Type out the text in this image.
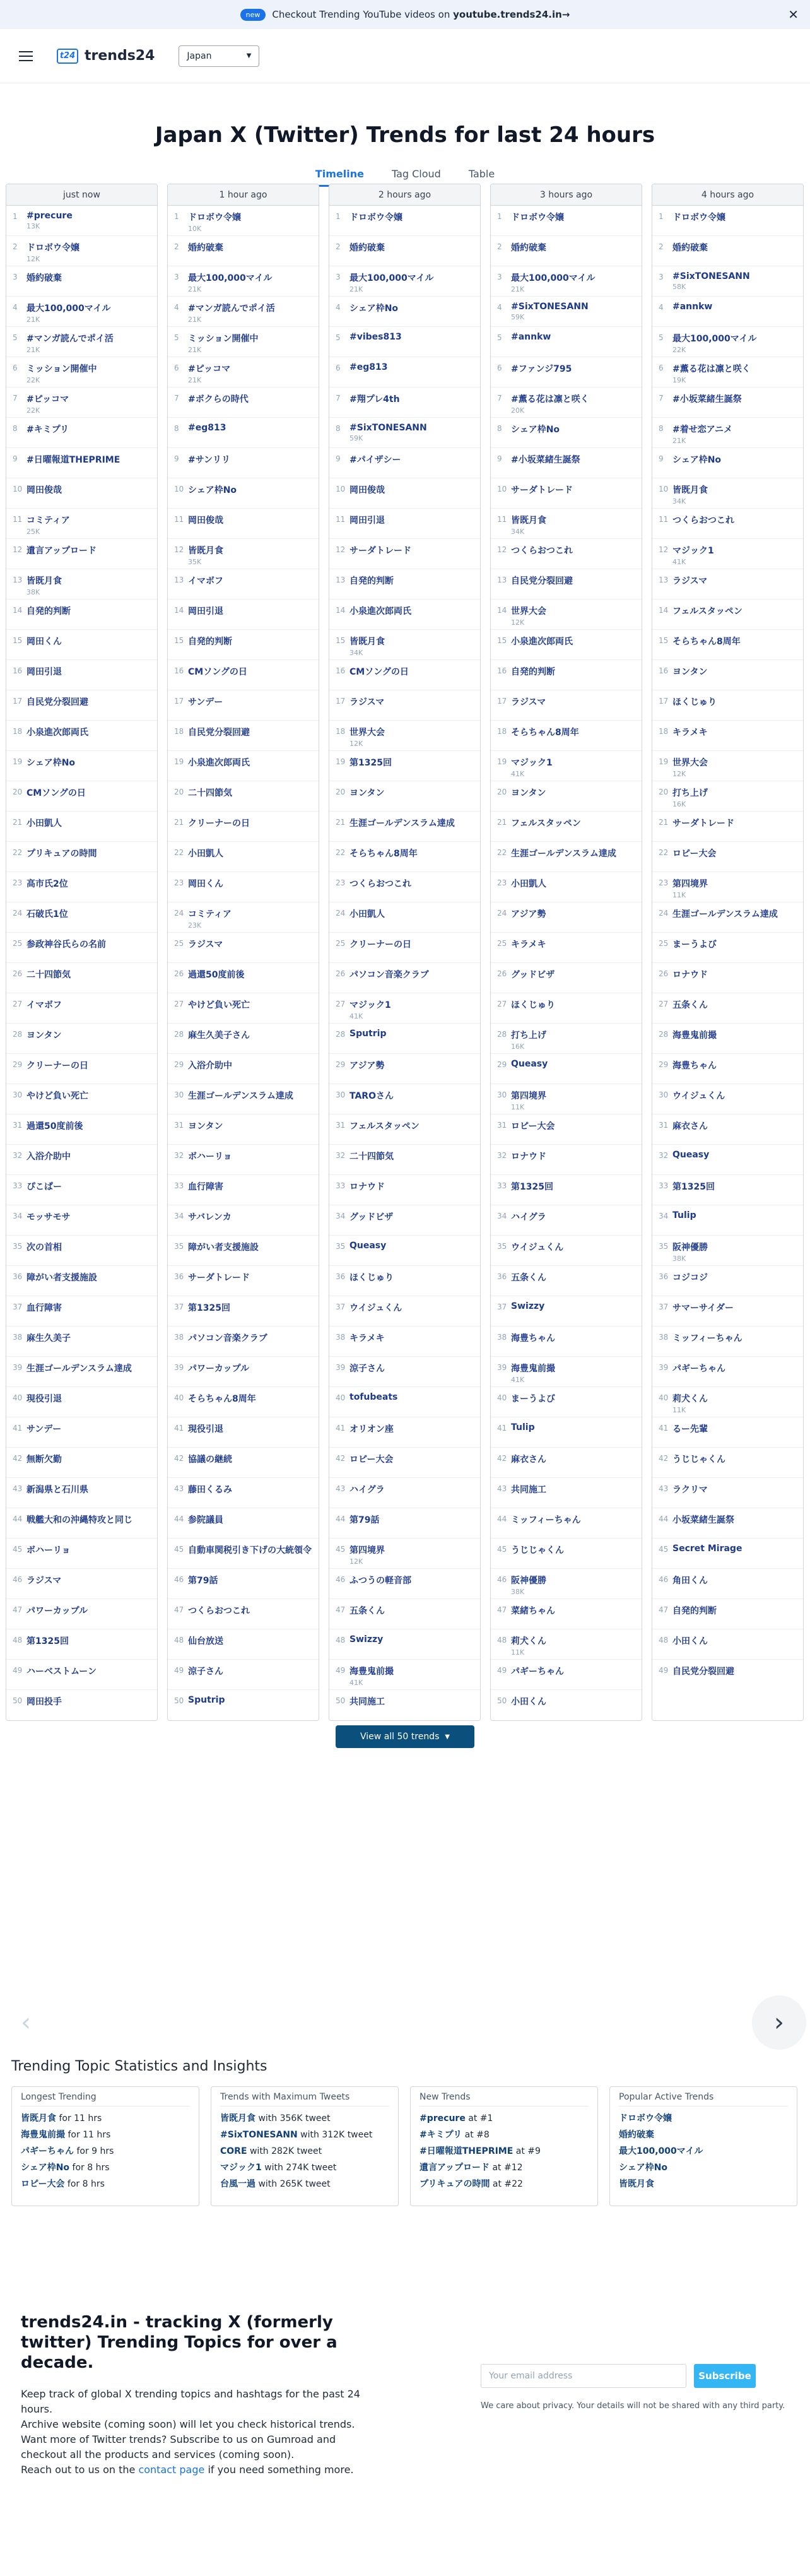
new	Checkout Trending YouTube videos on
youtube.trends24.in→	✕
t24 trends24	Japan	▼
Japan X (Twitter) Trends for last 24 hours
Timeline	Tag Cloud	Table
just now
1	#precure
13K
2	ドロボウ令嬢
12K
3	婚約破棄
4	最大100,000マイル
21K
5	#マンガ読んでポイ活
21K
6	ミッション開催中
22K
7	#ピッコマ
22K
8	#キミプリ
9	#日曜報道THEPRIME
10 岡田俊哉
11 コミティア
25K
12 遺言アップロード
13 皆既月食
38K
14 自発的判断
15 岡田くん
16 岡田引退
17 自民党分裂回避
18 小泉進次郎両氏
19 シェア枠No
20 CMソングの日
21 小田凱人
22 プリキュアの時間
23 高市氏2位
24 石破氏1位
25 参政神谷氏らの名前
26 二十四節気
27 イマボフ
28 ヨンタン
29 クリーナーの日
30 やけど負い死亡
31 過還50度前後
32 入浴介助中
33 ぴこぱー
34 モッサモサ
35 次の首相
36 障がい者支援施設
37 血行障害
38 麻生久美子
39 生涯ゴールデンスラム達成
40 現役引退
41 サンデー
42 無断欠勤
43 新潟県と石川県
44 戦艦大和の沖縄特攻と同じ
45 ボハーリョ
46 ラジスマ
47 パワーカップル
48 第1325回
49 ハーベストムーン
50 岡田投手
1 hour ago
1	ドロボウ令嬢
10K
2	婚約破棄
3	最大100,000マイル
21K
4	#マンガ読んでポイ活
21K
5	ミッション開催中
21K
6	#ピッコマ
21K
7	#ボクらの時代
8	#eg813
9	#サンリリ
10 シェア枠No
11 岡田俊哉
12 皆既月食
35K
13 イマボフ
14 岡田引退
15 自発的判断
16 CMソングの日
17 サンデー
18 自民党分裂回避
19 小泉進次郎両氏
20 二十四節気
21 クリーナーの日
22 小田凱人
23 岡田くん
24 コミティア
23K
25 ラジスマ
26 過還50度前後
27 やけど負い死亡
28 麻生久美子さん
29 入浴介助中
30 生涯ゴールデンスラム達成
31 ヨンタン
32 ボハーリョ
33 血行障害
34 サバレンカ
35 障がい者支援施設
36 サーダトレード
37 第1325回
38 パソコン音楽クラブ
39 パワーカップル
40 そらちゃん8周年
41 現役引退
42 協議の継続
43 藤田くるみ
44 参院議員
45 自動車関税引き下げの大統領令
46 第79話
47 つくらおつこれ
48 仙台放送
49 涼子さん
50 Sputrip
2 hours ago
1	ドロボウ令嬢
2	婚約破棄
3	最大100,000マイル
21K
4	シェア枠No
5	#vibes813
6	#eg813
7	#翔プレ4th
8	#SixTONESANN
59K
9	#パイザシー
10 岡田俊哉
11 岡田引退
12 サーダトレード
13 自発的判断
14 小泉進次郎両氏
15 皆既月食
34K
16 CMソングの日
17 ラジスマ
18 世界大会
12K
19 第1325回
20 ヨンタン
21 生涯ゴールデンスラム達成
22 そらちゃん8周年
23 つくらおつこれ
24 小田凱人
25 クリーナーの日
26 パソコン音楽クラブ
27 マジック1
41K
28 Sputrip
29 アジア勢
30 TAROさん
31 フェルスタッペン
32 二十四節気
33 ロナウド
34 グッドビザ
35 Queasy
36 ほくじゅり
37 ウイジュくん
38 キラメキ
39 涼子さん
40 tofubeats
41 オリオン座
42 ロピー大会
43 ハイグラ
44 第79話
45 第四境界
12K
46 ふつうの軽音部
47 五条くん
48 Swizzy
49 海豊鬼前撮
41K
50 共同施工
3 hours ago
1	ドロボウ令嬢
2	婚約破棄
3	最大100,000マイル
21K
4	#SixTONESANN
59K
5	#annkw
6	#ファンジ795
7	#薫る花は凛と咲く
20K
8	シェア枠No
9	#小坂菜緒生誕祭
10 サーダトレード
11 皆既月食
34K
12 つくらおつこれ
13 自民党分裂回避
14 世界大会
12K
15 小泉進次郎両氏
16 自発的判断
17 ラジスマ
18 そらちゃん8周年
19 マジック1
41K
20 ヨンタン
21 フェルスタッペン
22 生涯ゴールデンスラム達成
23 小田凱人
24 アジア勢
25 キラメキ
26 グッドビザ
27 ほくじゅり
28 打ち上げ
16K
29 Queasy
30 第四境界
11K
31 ロピー大会
32 ロナウド
33 第1325回
34 ハイグラ
35 ウイジュくん
36 五条くん
37 Swizzy
38 海豊ちゃん
39 海豊鬼前撮
41K
40 まーうよび
41 Tulip
42 麻衣さん
43 共同施工
44 ミッフィーちゃん
45 うじじゃくん
46 阪神優勝
38K
47 菜緒ちゃん
48 莉犬くん
11K
49 パギーちゃん
50 小田くん
4 hours ago
1	ドロボウ令嬢
2	婚約破棄
3	#SixTONESANN
58K
4	#annkw
5	最大100,000マイル
22K
6	#薫る花は凛と咲く
19K
7	#小坂菜緒生誕祭
8	#着せ恋アニメ
21K
9	シェア枠No
10 皆既月食
34K
11 つくらおつこれ
12 マジック1
41K
13 ラジスマ
14 フェルスタッペン
15 そらちゃん8周年
16 ヨンタン
17 ほくじゅり
18 キラメキ
19 世界大会
12K
20 打ち上げ
16K
21 サーダトレード
22 ロピー大会
23 第四境界
11K
24 生涯ゴールデンスラム達成
25 まーうよび
26 ロナウド
27 五条くん
28 海豊鬼前撮
29 海豊ちゃん
30 ウイジュくん
31 麻衣さん
32 Queasy
33 第1325回
34 Tulip
35 阪神優勝
38K
36 コジコジ
37 サマーサイダー
38 ミッフィーちゃん
39 パギーちゃん
40 莉犬くん
11K
41 るー先輩
42 うじじゃくん
43 ラクリマ
44 小坂菜緒生誕祭
45 Secret Mirage
46 角田くん
47 自発的判断
48 小田くん
49 自民党分裂回避
View all 50 trends
▼
‹	›
Trending Topic Statistics and Insights
Longest Trending
皆既月食 for 11 hrs
海豊鬼前撮 for 11 hrs
パギーちゃん for 9 hrs
シェア枠No for 8 hrs
ロピー大会 for 8 hrs
Trends with Maximum Tweets
皆既月食 with 356K tweet
#SixTONESANN with 312K tweet
CORE with 282K tweet
マジック1 with 274K tweet
台風一過 with 265K tweet
New Trends
#precure at #1
#キミプリ at #8
#日曜報道THEPRIME at #9
遺言アップロード at #12
プリキュアの時間 at #22
Popular Active Trends
ドロボウ令嬢
婚約破棄
最大100,000マイル
シェア枠No
皆既月食
trends24.in - tracking X (formerly twitter) Trending Topics for over a decade.

Keep track of global X trending topics and hashtags for the past 24 hours.

Archive website (coming soon) will let you check historical trends.

Want more of Twitter trends? Subscribe to us on Gumroad and checkout all the products and services (coming soon).

Reach out to us on the contact page if you need something more.

Your email address	Subscribe
We care about privacy. Your details will not be shared with any third party.
